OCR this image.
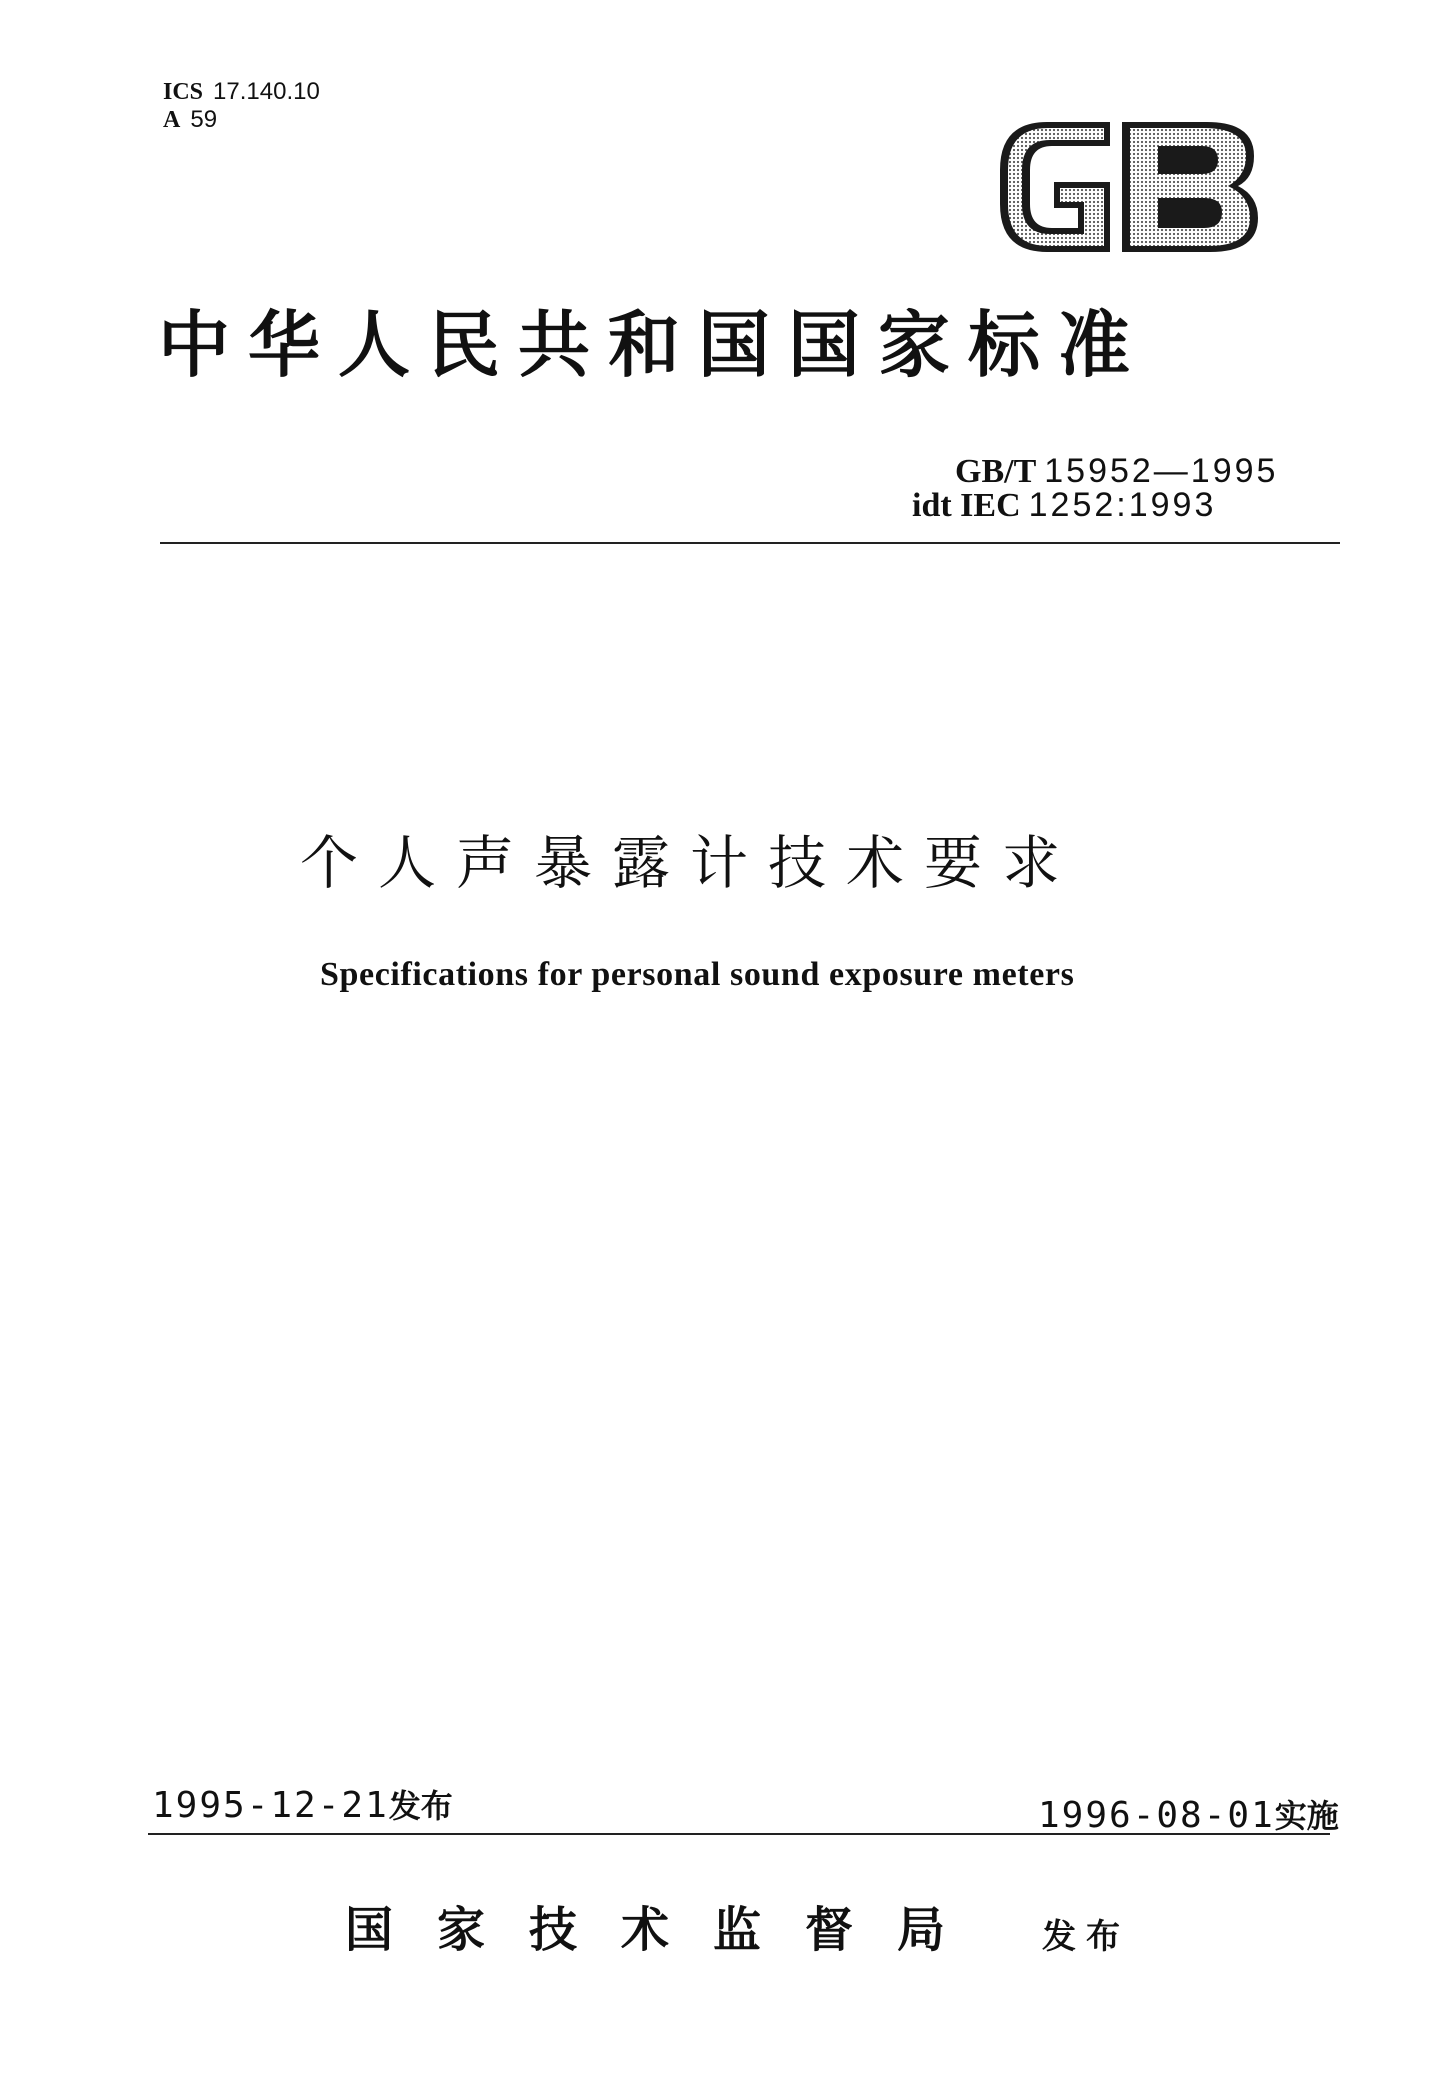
ICS 17.140.10
A 59
中华人民共和国国家标准
GB/T 15952—1995
idt IEC 1252:1993
个人声暴露计技术要求
Specifications for personal sound exposure meters
1995-12-21发布	1996-08-01实施
国家技术监督局 发布
